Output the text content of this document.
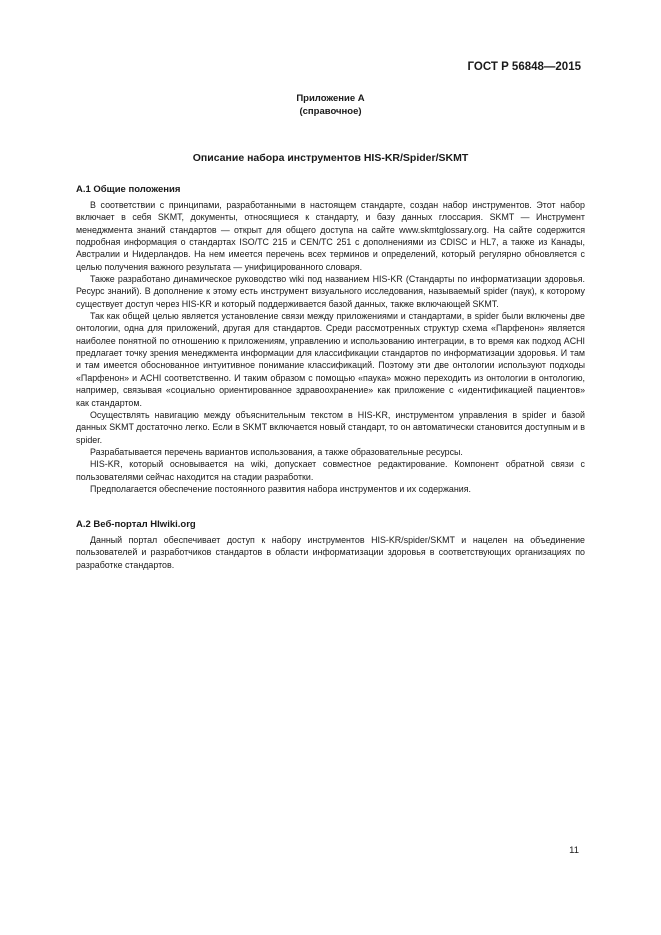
ГОСТ Р 56848—2015
Приложение А
(справочное)
Описание набора инструментов HIS-KR/Spider/SKMT
А.1 Общие положения

В соответствии с принципами, разработанными в настоящем стандарте, создан набор инструментов. Этот набор включает в себя SKMT, документы, относящиеся к стандарту, и базу данных глоссария. SKMT — Инструмент менеджмента знаний стандартов — открыт для общего доступа на сайте www.skmtglossary.org. На сайте содержится подробная информация о стандартах ISO/TC 215 и CEN/TC 251 с дополнениями из CDISC и HL7, а также из Канады, Австралии и Нидерландов. На нем имеется перечень всех терминов и определений, который регулярно обновляется с целью получения важного результата — унифицированного словаря.

Также разработано динамическое руководство wiki под названием HIS-KR (Стандарты по информатизации здоровья. Ресурс знаний). В дополнение к этому есть инструмент визуального исследования, называемый spider (паук), к которому существует доступ через HIS-KR и который поддерживается базой данных, также включающей SKMT.

Так как общей целью является установление связи между приложениями и стандартами, в spider были включены две онтологии, одна для приложений, другая для стандартов. Среди рассмотренных структур схема «Парфенон» является наиболее понятной по отношению к приложениям, управлению и использованию интеграции, в то время как подход ACHI предлагает точку зрения менеджмента информации для классификации стандартов по информатизации здоровья. И там и там имеется обоснованное интуитивное понимание классификаций. Поэтому эти две онтологии используют подходы «Парфенон» и ACHI соответственно. И таким образом с помощью «паука» можно переходить из онтологии в онтологию, например, связывая «социально ориентированное здравоохранение» как приложение с «идентификацией пациентов» как стандартом.

Осуществлять навигацию между объяснительным текстом в HIS-KR, инструментом управления в spider и базой данных SKMT достаточно легко. Если в SKMT включается новый стандарт, то он автоматически становится доступным и в spider.

Разрабатывается перечень вариантов использования, а также образовательные ресурсы.

HIS-KR, который основывается на wiki, допускает совместное редактирование. Компонент обратной связи с пользователями сейчас находится на стадии разработки.

Предполагается обеспечение постоянного развития набора инструментов и их содержания.

А.2 Веб-портал HIwiki.org

Данный портал обеспечивает доступ к набору инструментов HIS-KR/spider/SKMT и нацелен на объединение пользователей и разработчиков стандартов в области информатизации здоровья в соответствующих организациях по разработке стандартов.

11
